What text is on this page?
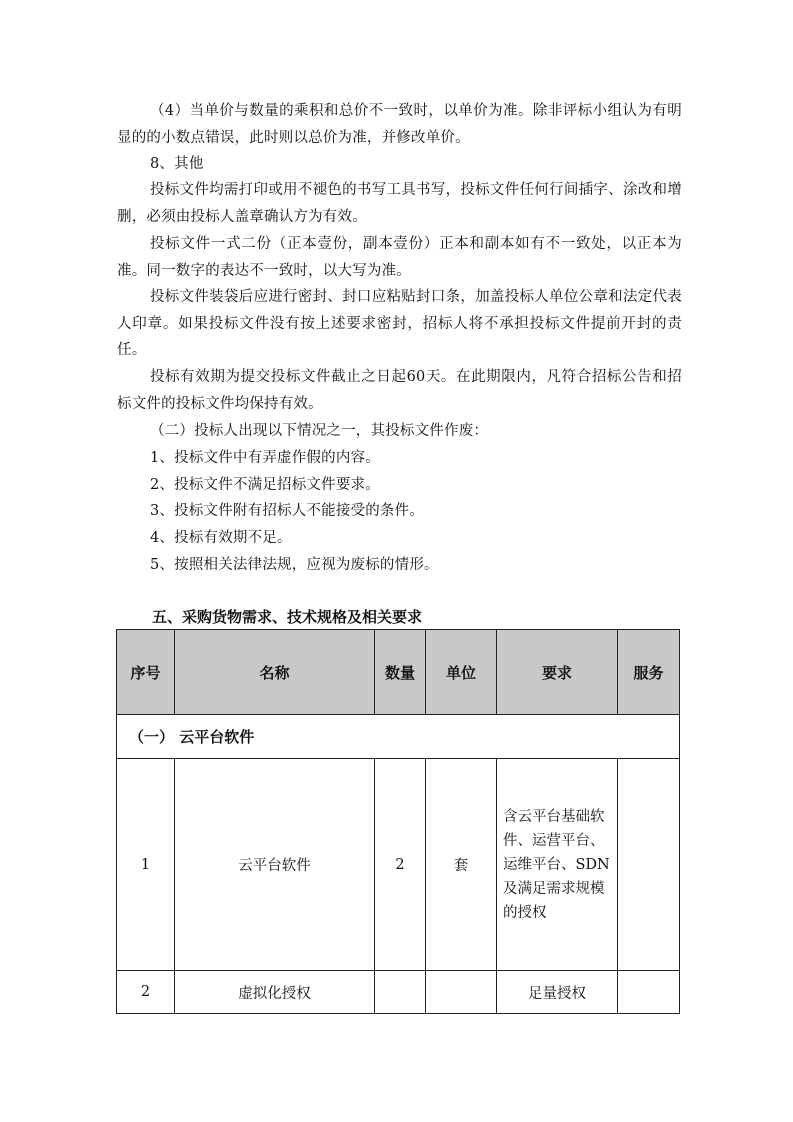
（4）当单价与数量的乘积和总价不一致时，以单价为准。除非评标小组认为有明显的的小数点错误，此时则以总价为准，并修改单价。

8、其他

投标文件均需打印或用不褪色的书写工具书写，投标文件任何行间插字、涂改和增删，必须由投标人盖章确认方为有效。

投标文件一式二份（正本壹份，副本壹份）正本和副本如有不一致处，以正本为准。同一数字的表达不一致时，以大写为准。

投标文件装袋后应进行密封、封口应粘贴封口条，加盖投标人单位公章和法定代表人印章。如果投标文件没有按上述要求密封，招标人将不承担投标文件提前开封的责任。

投标有效期为提交投标文件截止之日起60天。在此期限内，凡符合招标公告和招标文件的投标文件均保持有效。

（二）投标人出现以下情况之一，其投标文件作废：

1、投标文件中有弄虚作假的内容。

2、投标文件不满足招标文件要求。

3、投标文件附有招标人不能接受的条件。

4、投标有效期不足。

5、按照相关法律法规，应视为废标的情形。

五、采购货物需求、技术规格及相关要求

序号	名称	数量	单位	要求	服务
（一） 云平台软件					
1	云平台软件	2	套	含云平台基础软件、运营平台、运维平台、SDN及满足需求规模的授权	
2	虚拟化授权			足量授权	
